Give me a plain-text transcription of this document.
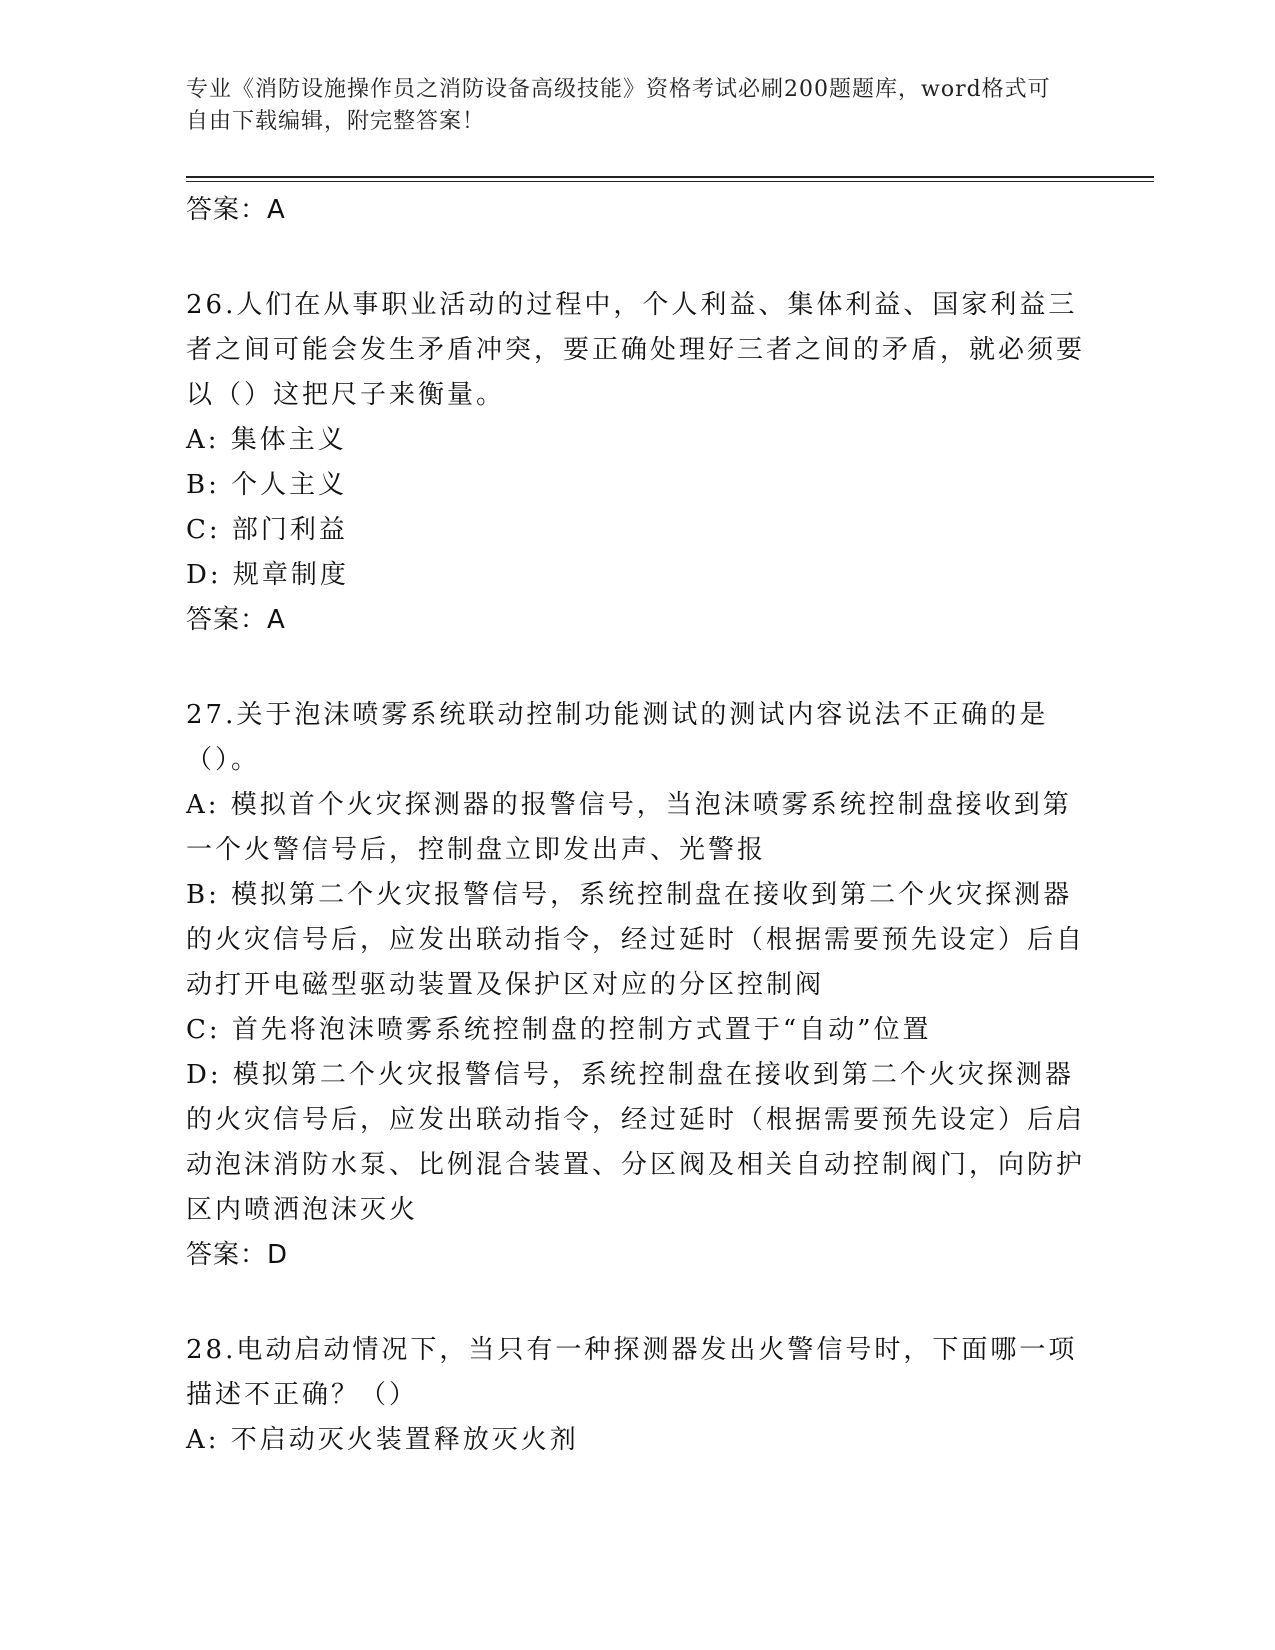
专业《消防设施操作员之消防设备高级技能》资格考试必刷200题题库，word格式可自由下载编辑，附完整答案！

答案：A

26.人们在从事职业活动的过程中，个人利益、集体利益、国家利益三者之间可能会发生矛盾冲突，要正确处理好三者之间的矛盾，就必须要以（）这把尺子来衡量。

A: 集体主义

B: 个人主义

C: 部门利益

D: 规章制度

答案：A

27.关于泡沫喷雾系统联动控制功能测试的测试内容说法不正确的是（）。

A: 模拟首个火灾探测器的报警信号，当泡沫喷雾系统控制盘接收到第一个火警信号后，控制盘立即发出声、光警报

B: 模拟第二个火灾报警信号，系统控制盘在接收到第二个火灾探测器的火灾信号后，应发出联动指令，经过延时（根据需要预先设定）后自动打开电磁型驱动装置及保护区对应的分区控制阀

C: 首先将泡沫喷雾系统控制盘的控制方式置于“自动”位置

D: 模拟第二个火灾报警信号，系统控制盘在接收到第二个火灾探测器的火灾信号后，应发出联动指令，经过延时（根据需要预先设定）后启动泡沫消防水泵、比例混合装置、分区阀及相关自动控制阀门，向防护区内喷洒泡沫灭火

答案：D

28.电动启动情况下，当只有一种探测器发出火警信号时，下面哪一项描述不正确？（）

A: 不启动灭火装置释放灭火剂
